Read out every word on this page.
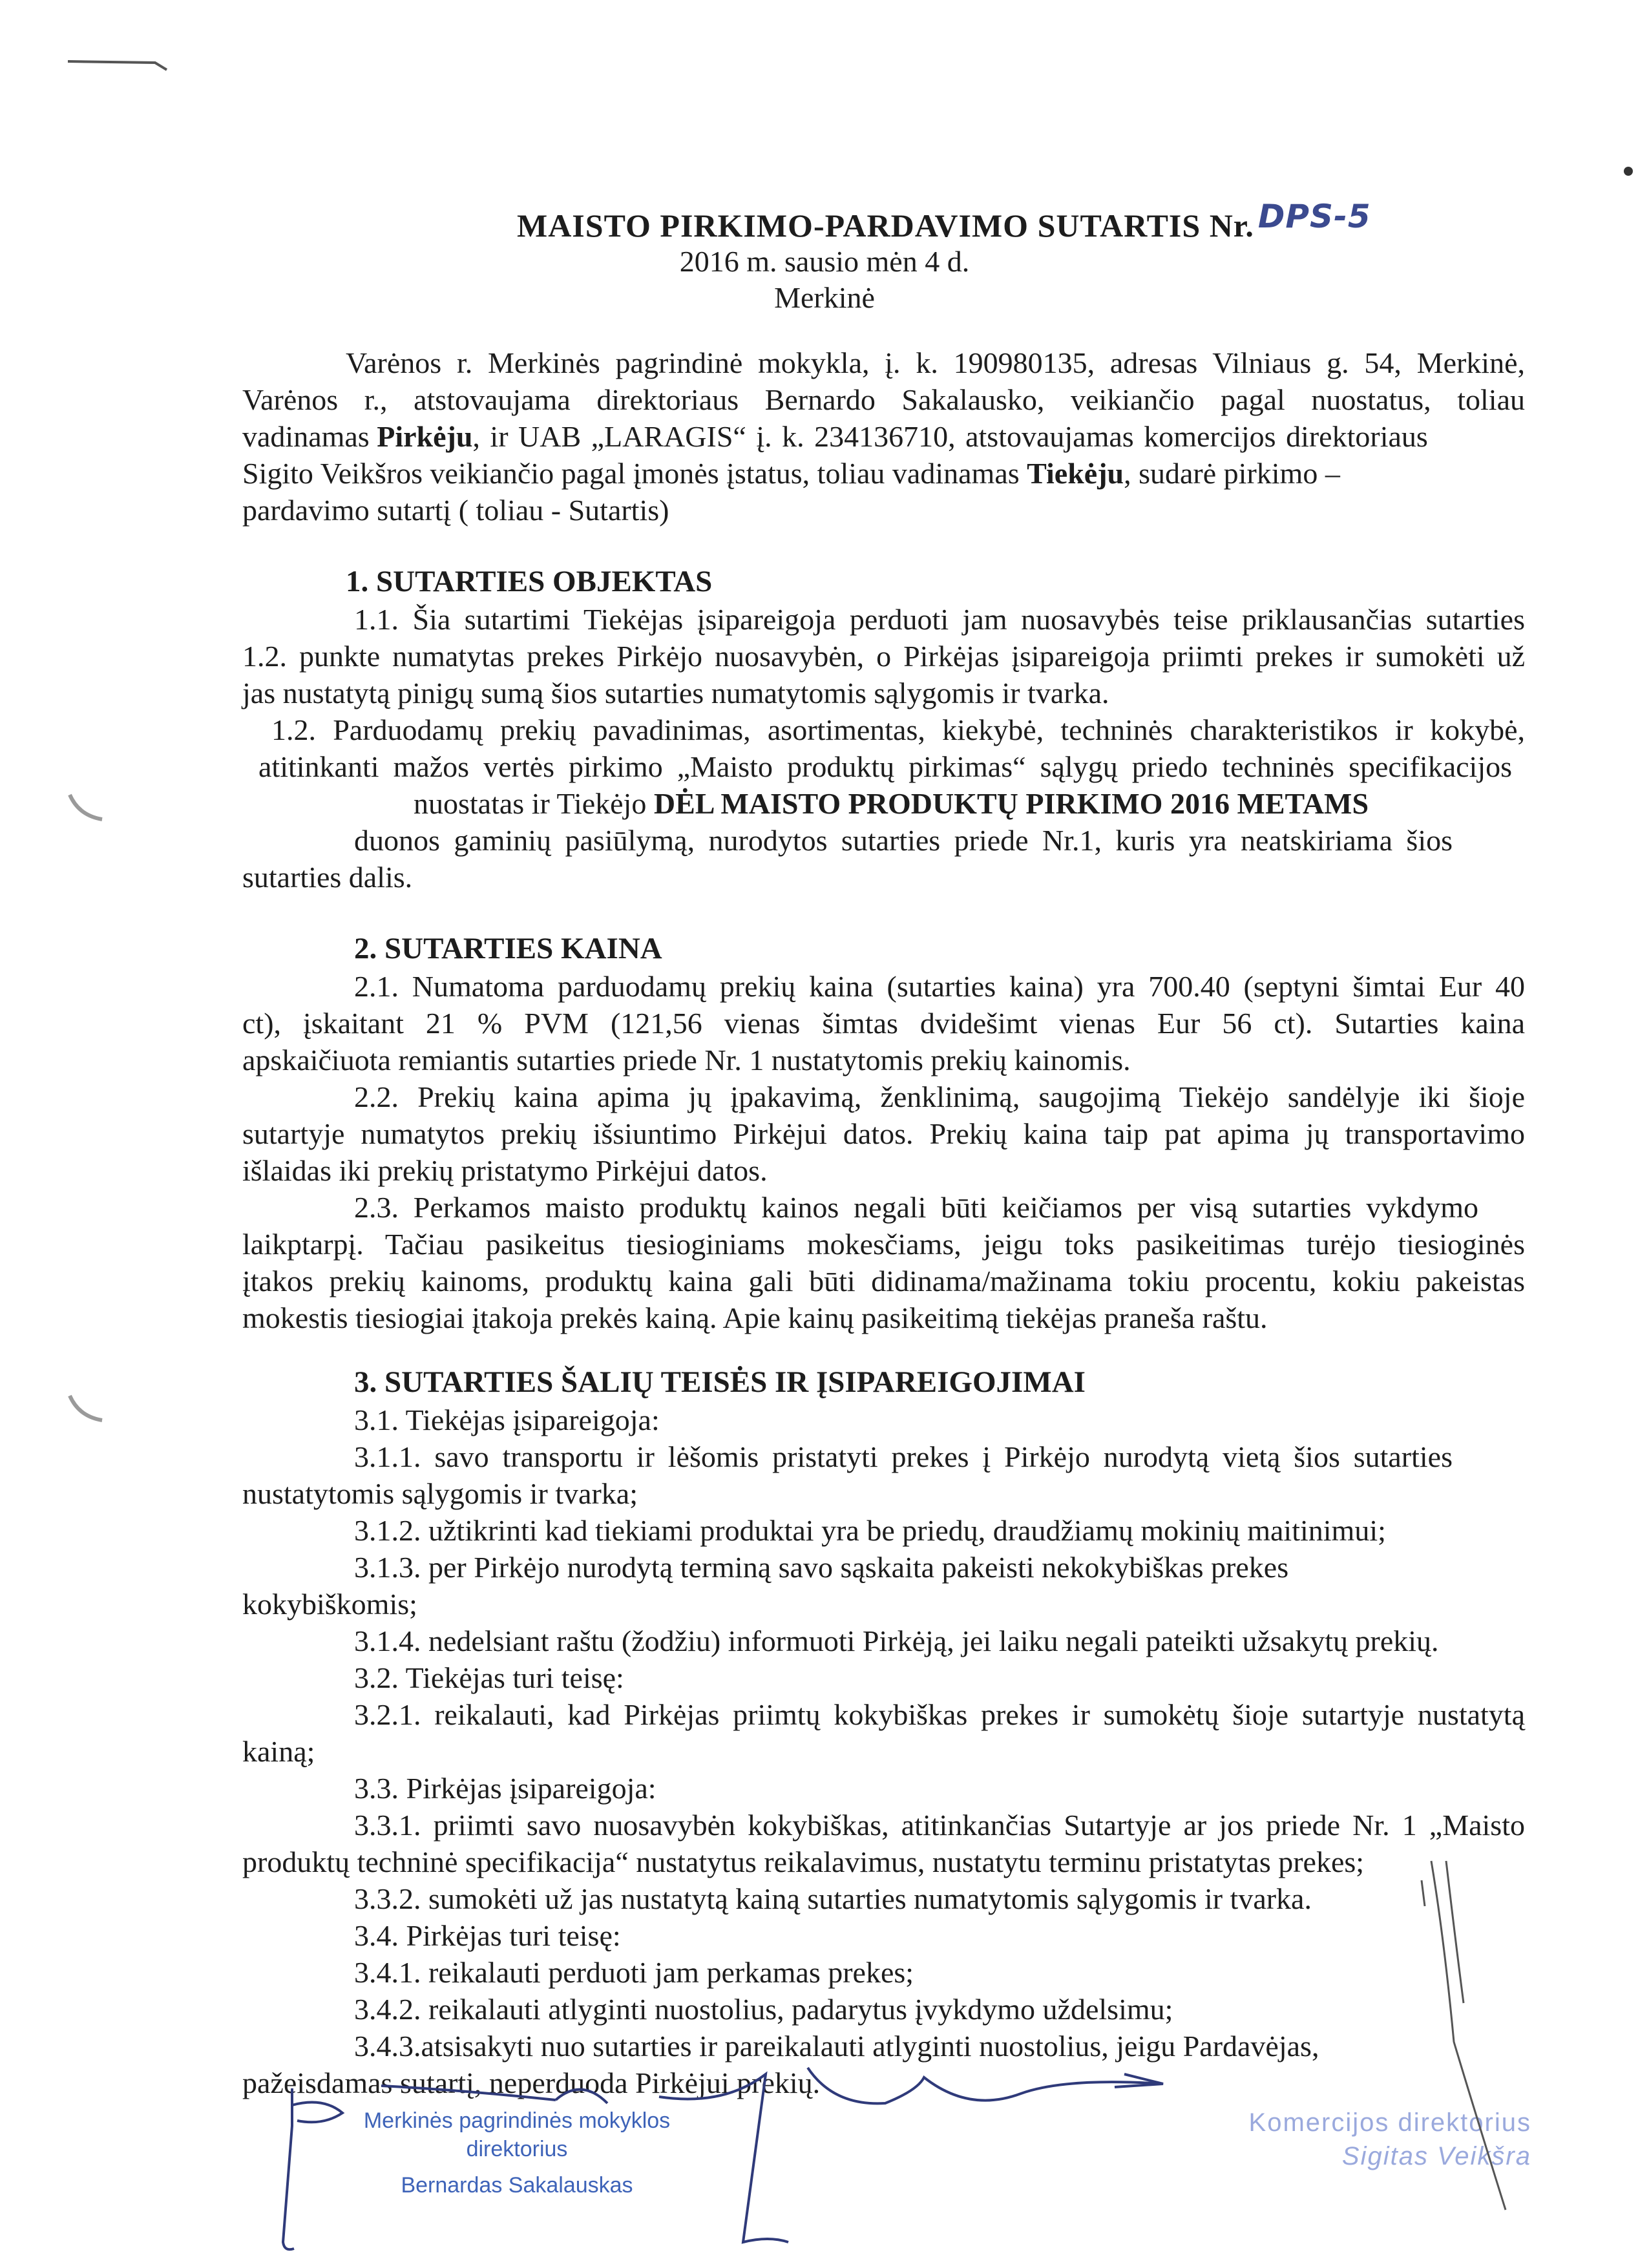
MAISTO PIRKIMO-PARDAVIMO SUTARTIS Nr. DPS-5
2016 m. sausio mėn 4 d.
Merkinė
Varėnos r. Merkinės pagrindinė mokykla, į. k. 190980135, adresas Vilniaus g. 54, Merkinė,
Varėnos r., atstovaujama direktoriaus Bernardo Sakalausko, veikiančio pagal nuostatus, toliau
vadinamas
Pirkėju , ir UAB „LARAGIS“ į. k. 234136710, atstovaujamas komercijos direktoriaus
Sigito Veikšros veikiančio pagal įmonės įstatus, toliau vadinamas Tiekėju, sudarė pirkimo –
pardavimo sutartį ( toliau - Sutartis)
1. SUTARTIES OBJEKTAS
1.1. Šia sutartimi Tiekėjas įsipareigoja perduoti jam nuosavybės teise priklausančias sutarties
1.2. punkte numatytas prekes Pirkėjo nuosavybėn, o Pirkėjas įsipareigoja priimti prekes ir sumokėti už
jas nustatytą pinigų sumą šios sutarties numatytomis sąlygomis ir tvarka.
1.2. Parduodamų prekių pavadinimas, asortimentas, kiekybė, techninės charakteristikos ir kokybė,
atitinkanti mažos vertės pirkimo „Maisto produktų pirkimas“ sąlygų priedo techninės specifikacijos
nuostatas ir Tiekėjo DĖL MAISTO PRODUKTŲ PIRKIMO 2016 METAMS
duonos gaminių pasiūlymą, nurodytos sutarties priede Nr.1, kuris yra neatskiriama šios
sutarties dalis.
2. SUTARTIES KAINA
2.1. Numatoma parduodamų prekių kaina (sutarties kaina) yra 700.40 (septyni šimtai Eur 40
ct), įskaitant 21 % PVM (121,56 vienas šimtas dvidešimt vienas Eur 56 ct). Sutarties kaina
apskaičiuota remiantis sutarties priede Nr. 1 nustatytomis prekių kainomis.
2.2. Prekių kaina apima jų įpakavimą, ženklinimą, saugojimą Tiekėjo sandėlyje iki šioje
sutartyje numatytos prekių išsiuntimo Pirkėjui datos. Prekių kaina taip pat apima jų transportavimo
išlaidas iki prekių pristatymo Pirkėjui datos.
2.3. Perkamos maisto produktų kainos negali būti keičiamos per visą sutarties vykdymo
laikptarpį. Tačiau pasikeitus tiesioginiams mokesčiams, jeigu toks pasikeitimas turėjo tiesioginės
įtakos prekių kainoms, produktų kaina gali būti didinama/mažinama tokiu procentu, kokiu pakeistas
mokestis tiesiogiai įtakoja prekės kainą. Apie kainų pasikeitimą tiekėjas praneša raštu.
3. SUTARTIES ŠALIŲ TEISĖS IR ĮSIPAREIGOJIMAI
3.1. Tiekėjas įsipareigoja:
3.1.1. savo transportu ir lėšomis pristatyti prekes į Pirkėjo nurodytą vietą šios sutarties
nustatytomis sąlygomis ir tvarka;
3.1.2. užtikrinti kad tiekiami produktai yra be priedų, draudžiamų mokinių maitinimui;
3.1.3. per Pirkėjo nurodytą terminą savo sąskaita pakeisti nekokybiškas prekes
kokybiškomis;
3.1.4. nedelsiant raštu (žodžiu) informuoti Pirkėją, jei laiku negali pateikti užsakytų prekių.
3.2. Tiekėjas turi teisę:
3.2.1. reikalauti, kad Pirkėjas priimtų kokybiškas prekes ir sumokėtų šioje sutartyje nustatytą
kainą;
3.3. Pirkėjas įsipareigoja:
3.3.1. priimti savo nuosavybėn kokybiškas, atitinkančias Sutartyje ar jos priede Nr. 1 „Maisto
produktų techninė specifikacija“ nustatytus reikalavimus, nustatytu terminu pristatytas prekes;
3.3.2. sumokėti už jas nustatytą kainą sutarties numatytomis sąlygomis ir tvarka.
3.4. Pirkėjas turi teisę:
3.4.1. reikalauti perduoti jam perkamas prekes;
3.4.2. reikalauti atlyginti nuostolius, padarytus įvykdymo uždelsimu;
3.4.3.atsisakyti nuo sutarties ir pareikalauti atlyginti nuostolius, jeigu Pardavėjas,
pažeisdamas sutartį, neperduoda Pirkėjui prekių.
Merkinės pagrindinės mokyklos
direktorius
Bernardas Sakalauskas
Komercijos direktorius
Sigitas Veikšra
